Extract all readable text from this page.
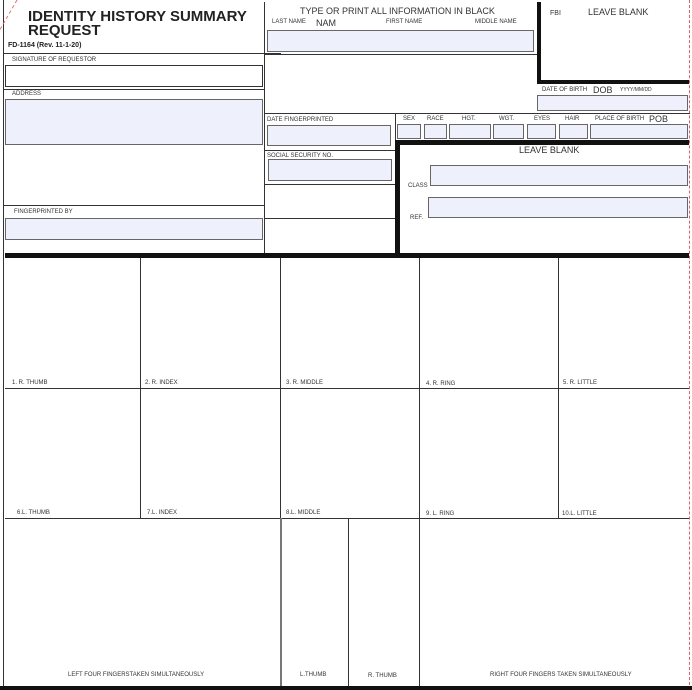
IDENTITY HISTORY SUMMARY
REQUEST
FD-1164 (Rev. 11-1-20)
SIGNATURE OF REQUESTOR
ADDRESS
FINGERPRINTED BY
TYPE OR PRINT ALL INFORMATION IN BLACK
LAST NAME NAM	FIRST NAME	MIDDLE NAME
DATE FINGERPRINTED
SOCIAL SECURITY NO.
FBI	LEAVE BLANK
DATE OF BIRTH DOB YYYY/MM/DD
SEX RACE	HGT.	WGT.	EYES HAIR	PLACE OF BIRTH POB
LEAVE BLANK
CLASS
REF.
1. R. THUMB	2. R. INDEX	3. R. MIDDLE	4. R. RING	5. R. LITTLE
6.L. THUMB	7.L. INDEX	8.L. MIDDLE	9. L. RING	10.L. LITTLE
LEFT FOUR FINGERSTAKEN SIMULTANEOUSLY	L.THUMB	R. THUMB	RIGHT FOUR FINGERS TAKEN SIMULTANEOUSLY
